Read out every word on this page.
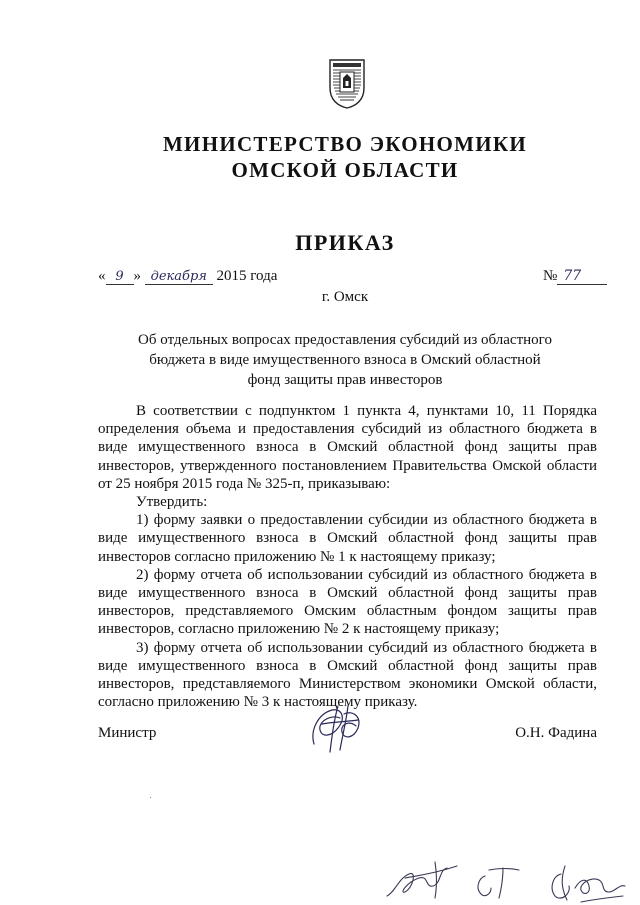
МИНИСТЕРСТВО ЭКОНОМИКИ
ОМСКОЙ ОБЛАСТИ
ПРИКАЗ
« 9 » декабря 2015 года	№ 77
г. Омск
Об отдельных вопросах предоставления субсидий из областного
бюджета в виде имущественного взноса в Омский областной
фонд защиты прав инвесторов

В соответствии с подпунктом 1 пункта 4, пунктами 10, 11 Порядка определения объема и предоставления субсидий из областного бюджета в виде имущественного взноса в Омский областной фонд защиты прав инвесторов, утвержденного постановлением Правительства Омской области от 25 ноября 2015 года № 325-п, приказываю:

Утвердить:

1) форму заявки о предоставлении субсидии из областного бюджета в виде имущественного взноса в Омский областной фонд защиты прав инвесторов согласно приложению № 1 к настоящему приказу;

2) форму отчета об использовании субсидий из областного бюджета в виде имущественного взноса в Омский областной фонд защиты прав инвесторов, представляемого Омским областным фондом защиты прав инвесторов, согласно приложению № 2 к настоящему приказу;

3) форму отчета об использовании субсидий из областного бюджета в виде имущественного взноса в Омский областной фонд защиты прав инвесторов, представляемого Министерством экономики Омской области, согласно приложению № 3 к настоящему приказу.

Министр	О.Н. Фадина
